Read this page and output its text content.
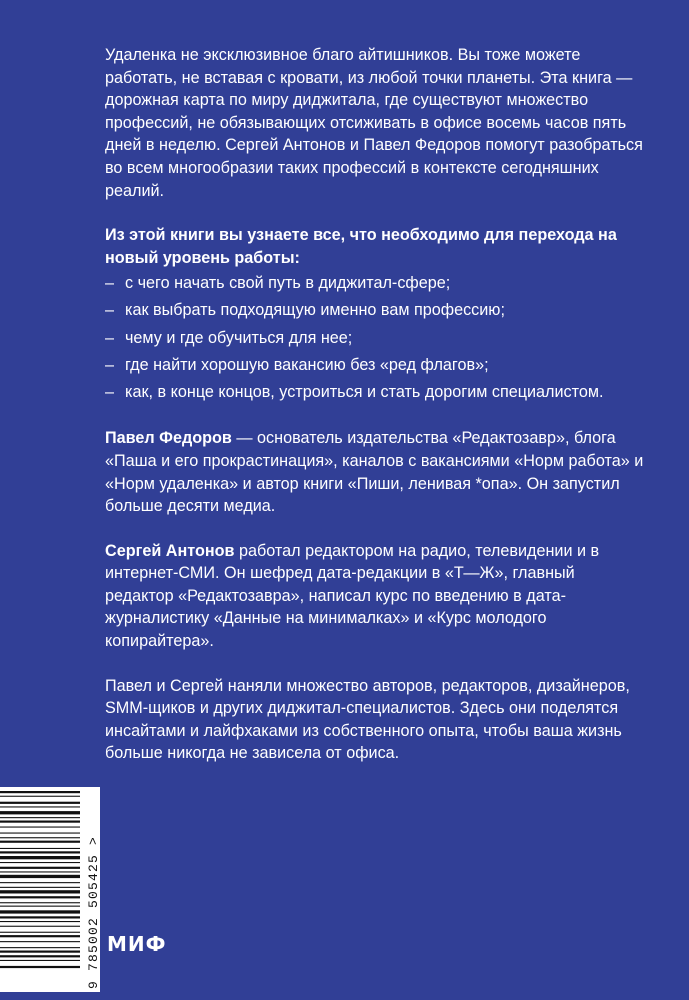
Удаленка не эксклюзивное благо айтишников. Вы тоже можете работать, не вставая с кровати, из любой точки планеты. Эта книга — дорожная карта по миру диджитала, где существуют множество профессий, не обязывающих отсиживать в офисе восемь часов пять дней в неделю. Сергей Антонов и Павел Федоров помогут разобраться во всем многообразии таких профессий в контексте сегодняшних реалий.

Из этой книги вы узнаете все, что необходимо для перехода на новый уровень работы:

– с чего начать свой путь в диджитал-сфере;
– как выбрать подходящую именно вам профессию;
– чему и где обучиться для нее;
– где найти хорошую вакансию без «ред флагов»;
– как, в конце концов, устроиться и стать дорогим специалистом.

Павел Федоров — основатель издательства «Редактозавр», блога «Паша и его прокрастинация», каналов с вакансиями «Норм работа» и «Норм удаленка» и автор книги «Пиши, ленивая *опа». Он запустил больше десяти медиа.

Сергей Антонов работал редактором на радио, телевидении и в интернет-СМИ. Он шефред дата-редакции в «Т—Ж», главный редактор «Редактозавра», написал курс по введению в дата-журналистику «Данные на минималках» и «Курс молодого копирайтера».

Павел и Сергей наняли множество авторов, редакторов, дизайнеров, SMM-щиков и других диджитал-специалистов. Здесь они поделятся инсайтами и лайфхаками из собственного опыта, чтобы ваша жизнь больше никогда не зависела от офиса.

9 785002 505425 > МИФ
